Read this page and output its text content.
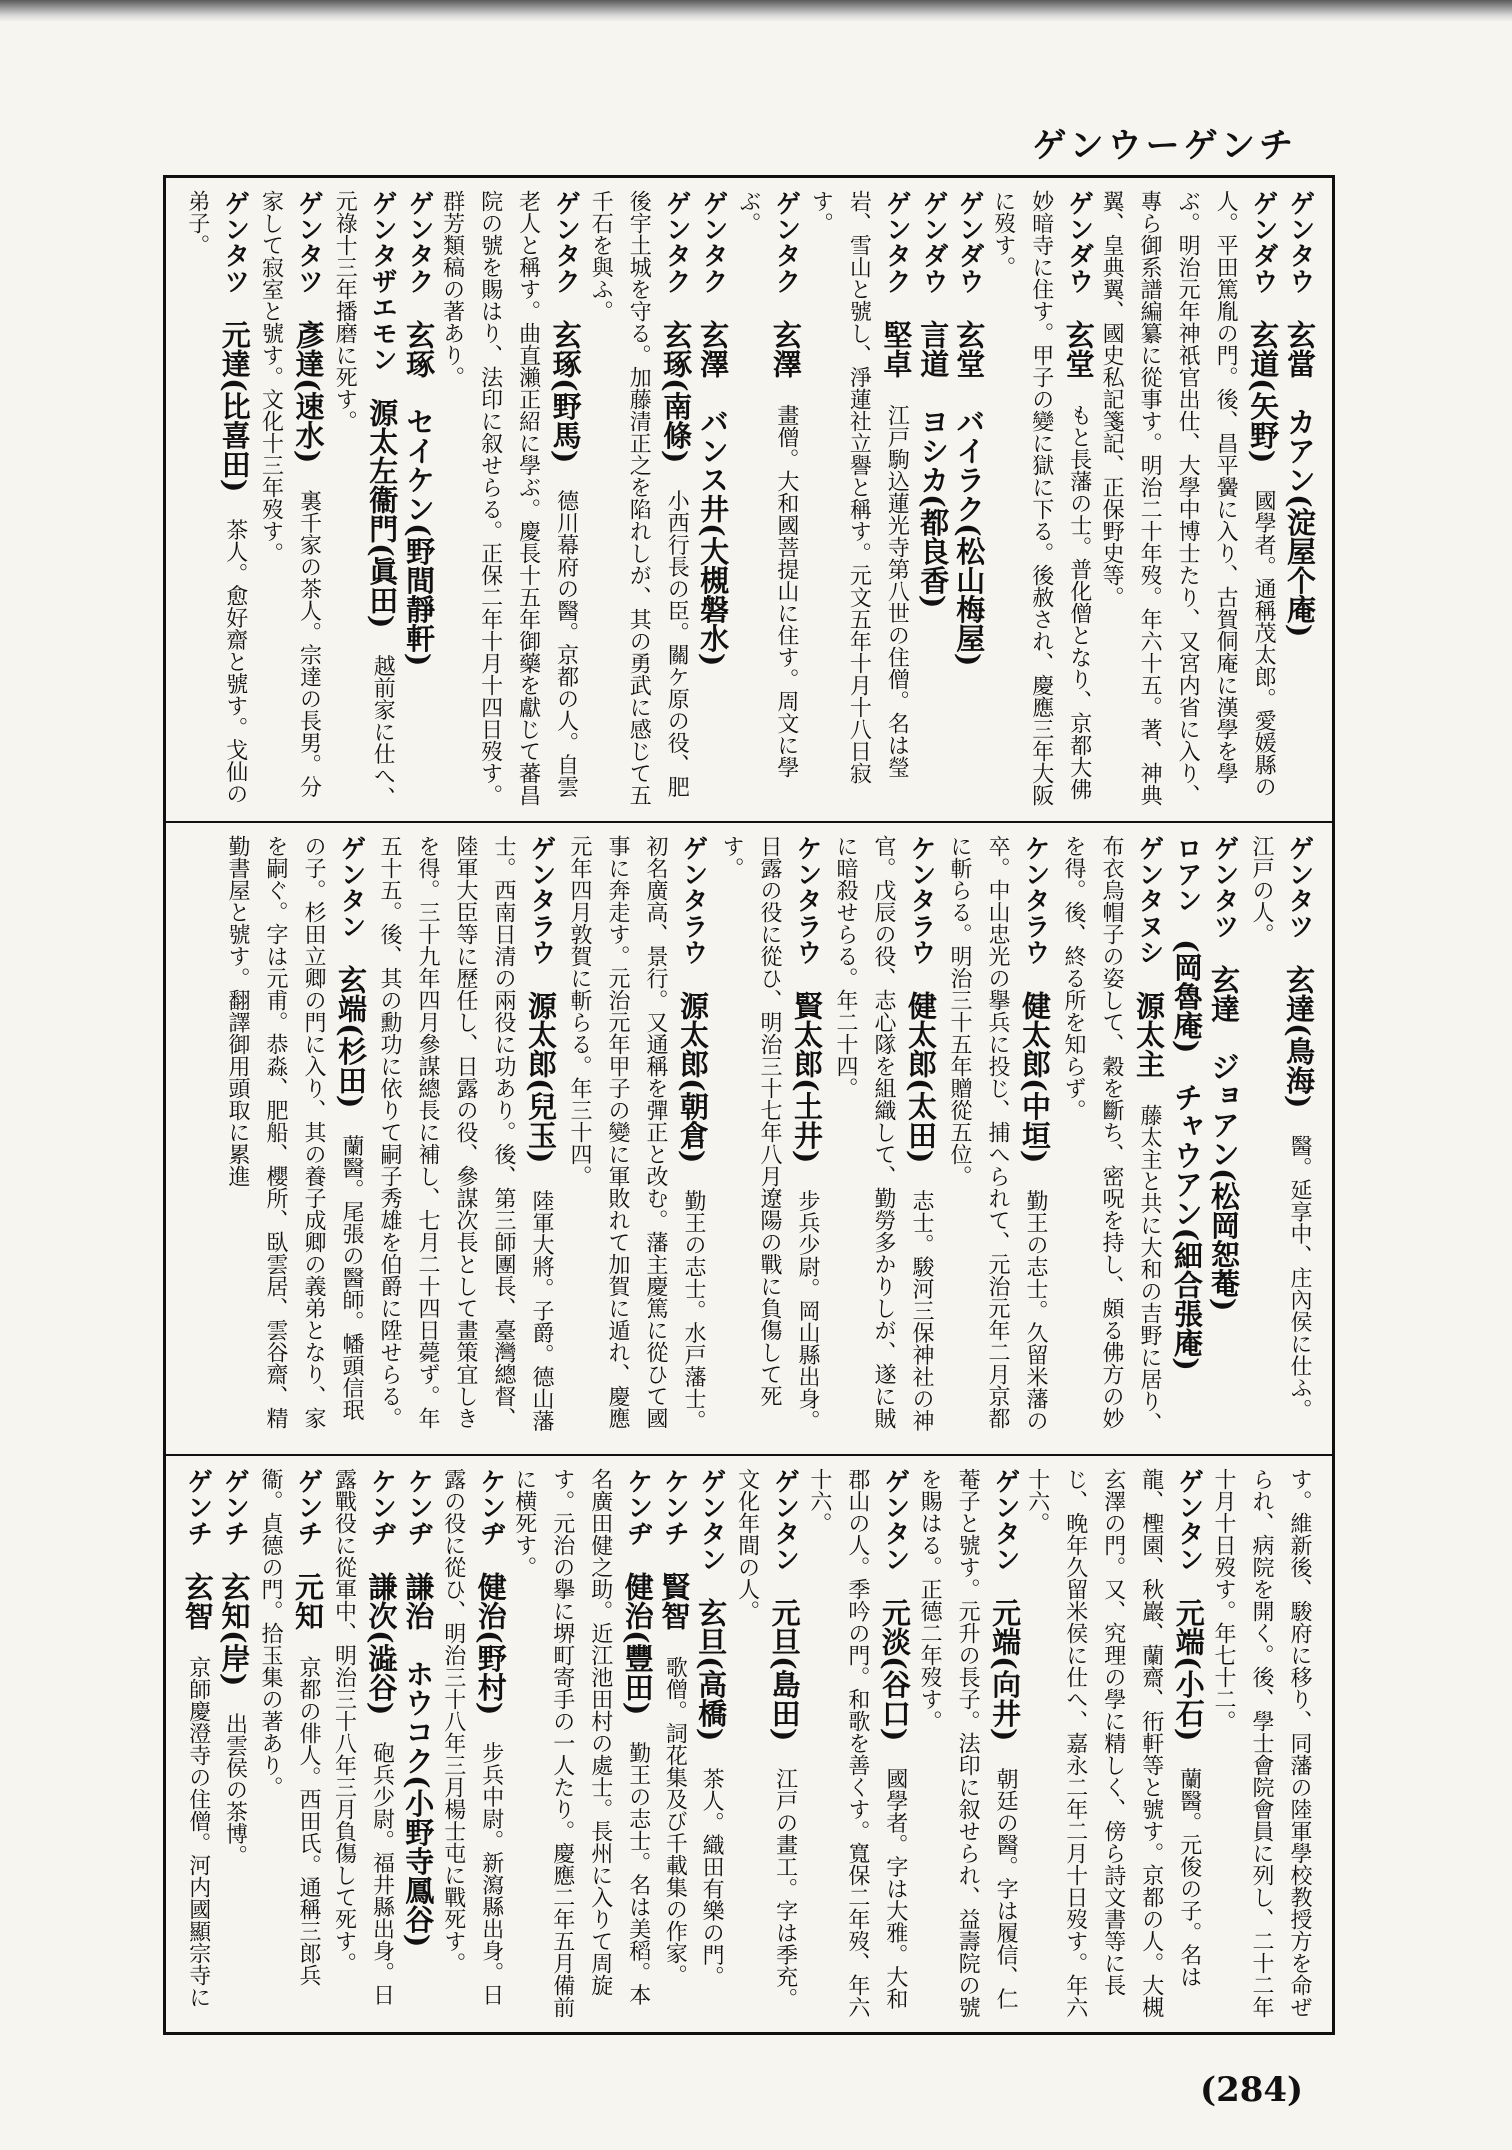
ゲンウーゲンチ
ゲンタウ　玄當　カアン(淀屋个庵)　
ゲンダウ　玄道(矢野)　國學者。通稱茂太郎。愛媛縣の人。平田篤胤の門。後、昌平黌に入り、古賀侗庵に漢學を學ぶ。明治元年神祇官出仕、大學中博士たり、又宮内省に入り、專ら御系譜編纂に從事す。明治二十年歿。年六十五。著、神典翼、皇典翼、國史私記箋記、正保野史等。
ゲンダウ　玄堂　もと長藩の士。普化僧となり、京都大佛妙暗寺に住す。甲子の變に獄に下る。後赦され、慶應三年大阪に歿す。
ゲンダウ　玄堂　バイラク(松山梅屋)　
ゲンダウ　言道　ヨシカ(都良香)　
ゲンタク　堅卓　江戸駒込蓮光寺第八世の住僧。名は瑩岩、雪山と號し、淨蓮社立譽と稱す。元文五年十月十八日寂す。
ゲンタク　玄澤　畫僧。大和國菩提山に住す。周文に學ぶ。
ゲンタク　玄澤　バンス井(大槻磐水)　
ゲンタク　玄琢(南條)　小西行長の臣。關ケ原の役、肥後宇土城を守る。加藤清正之を陷れしが、其の勇武に感じて五千石を與ふ。
ゲンタク　玄琢(野馬)　德川幕府の醫。京都の人。自雲老人と稱す。曲直瀨正紹に學ぶ。慶長十五年御藥を獻じて蕃昌院の號を賜はり、法印に叙せらる。正保二年十月十四日歿す。群芳類稿の著あり。
ゲンタク　玄琢　セイケン(野間靜軒)　
ゲンタザエモン　源太左衞門(眞田)　越前家に仕へ、元祿十三年播磨に死す。
ゲンタツ　彥達(速水)　裏千家の茶人。宗達の長男。分家して寂室と號す。文化十三年歿す。
ゲンタツ　元達(比喜田)　茶人。愈好齋と號す。戈仙の弟子。
ゲンタツ　玄達(鳥海)　醫。延享中、庄內侯に仕ふ。江戸の人。
ゲンタツ　玄達　ジョアン(松岡恕菴)　
ロアン　(岡魯庵)　チャウアン(細合張庵)　
ゲンタヌシ　源太主　藤太主と共に大和の吉野に居り、布衣烏帽子の姿して、穀を斷ち、密呪を持し、頗る佛方の妙を得。後、終る所を知らず。
ケンタラウ　健太郎(中垣)　勤王の志士。久留米藩の卒。中山忠光の擧兵に投じ、捕へられて、元治元年二月京都に斬らる。明治三十五年贈從五位。
ケンタラウ　健太郎(太田)　志士。駿河三保神社の神官。戊辰の役、志心隊を組織して、勤勞多かりしが、遂に賊に暗殺せらる。年二十四。
ケンタラウ　賢太郎(土井)　步兵少尉。岡山縣出身。日露の役に從ひ、明治三十七年八月遼陽の戰に負傷して死す。
ゲンタラウ　源太郎(朝倉)　勤王の志士。水戸藩士。初名廣高、景行。又通稱を彈正と改む。藩主慶篤に從ひて國事に奔走す。元治元年甲子の變に軍敗れて加賀に遁れ、慶應元年四月敦賀に斬らる。年三十四。
ゲンタラウ　源太郎(兒玉)　陸軍大將。子爵。德山藩士。西南日清の兩役に功あり。後、第三師團長、臺灣總督、陸軍大臣等に歷任し、日露の役、參謀次長として畫策宜しきを得。三十九年四月參謀總長に補し、七月二十四日薨ず。年五十五。後、其の勳功に依りて嗣子秀雄を伯爵に陞せらる。
ゲンタン　玄端(杉田)　蘭醫。尾張の醫師。幡頭信珉の子。杉田立卿の門に入り、其の養子成卿の義弟となり、家を嗣ぐ。字は元甫。恭淼、肥船、櫻所、臥雲居、雲谷齋、精勤書屋と號す。翻譯御用頭取に累進
す。維新後、駿府に移り、同藩の陸軍學校教授方を命ぜられ、病院を開く。後、學士會院會員に列し、二十二年十月十日歿す。年七十二。
ゲンタン　元端(小石)　蘭醫。元俊の子。名は龍、檉園、秋巖、蘭齋、衎軒等と號す。京都の人。大槻玄澤の門。又、究理の學に精しく、傍ら詩文書等に長じ、晚年久留米侯に仕へ、嘉永二年二月十日歿す。年六十六。
ゲンタン　元端(向井)　朝廷の醫。字は履信、仁菴子と號す。元升の長子。法印に叙せられ、益壽院の號を賜はる。正德二年歿す。
ゲンタン　元淡(谷口)　國學者。字は大雅。大和郡山の人。季吟の門。和歌を善くす。寬保二年歿、年六十六。
ゲンタン　元旦(島田)　江戸の畫工。字は季充。文化年間の人。
ゲンタン　玄旦(高橋)　茶人。織田有樂の門。
ケンチ　賢智　歌僧。詞花集及び千載集の作家。
ケンヂ　健治(豐田)　勤王の志士。名は美稻。本名廣田健之助。近江池田村の處士。長州に入りて周旋す。元治の擧に堺町寄手の一人たり。慶應二年五月備前に横死す。
ケンヂ　健治(野村)　步兵中尉。新瀉縣出身。日露の役に從ひ、明治三十八年三月楊士屯に戰死す。
ケンヂ　謙治　ホウコク(小野寺鳳谷)　
ケンヂ　謙次(澁谷)　砲兵少尉。福井縣出身。日露戰役に從軍中、明治三十八年三月負傷して死す。
ゲンチ　元知　京都の俳人。西田氏。通稱三郎兵衞。貞德の門。拾玉集の著あり。
ゲンチ　玄知(岸)　出雲侯の茶博。
ゲンチ　玄智　京師慶澄寺の住僧。河内國顯宗寺に
(284)
